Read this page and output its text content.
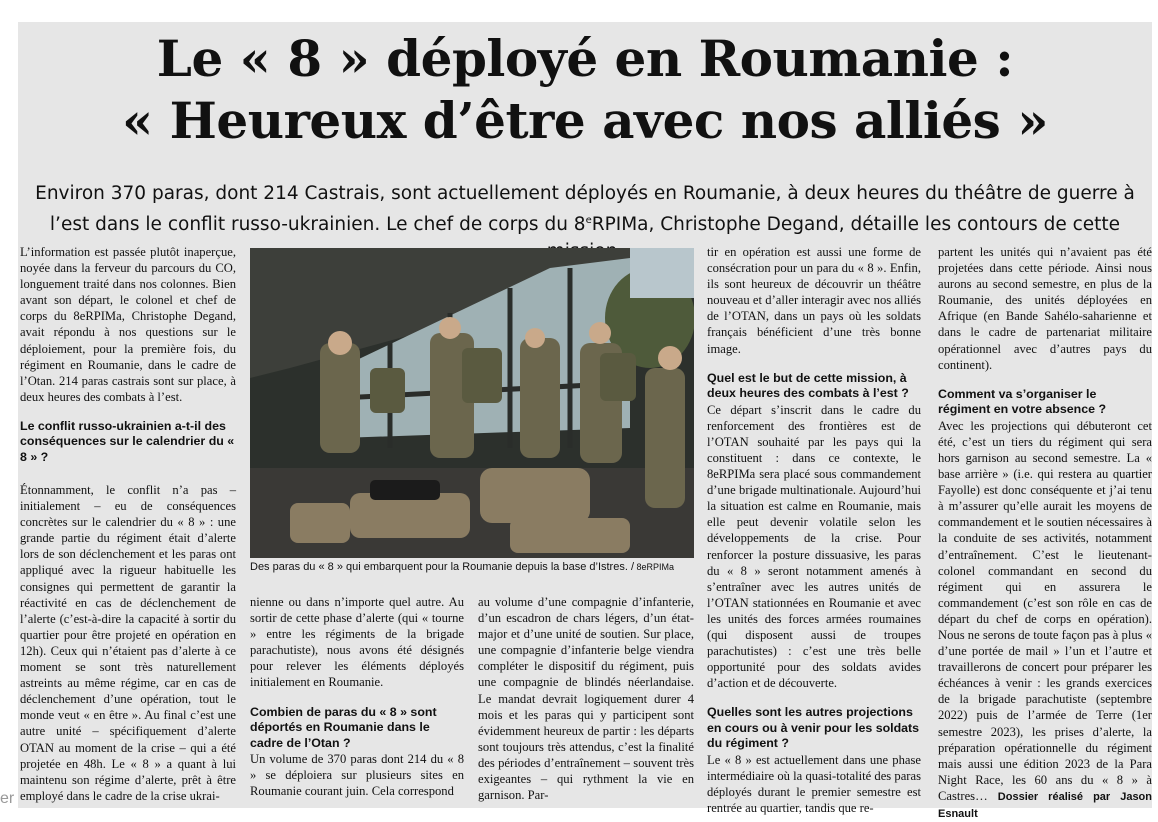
Le « 8 » déployé en Roumanie :
« Heureux d’être avec nos alliés »

Environ 370 paras, dont 214 Castrais, sont actuellement déployés en Roumanie, à deux heures du théâtre de guerre à l’est dans le conflit russo-ukrainien. Le chef de corps du 8eRPIMa, Christophe Degand, détaille les contours de cette

L’information est passée plutôt inaperçue, noyée dans la ferveur du parcours du CO, longuement traité dans nos colonnes. Bien avant son départ, le colonel et chef de corps du 8eRPIMa, Christophe Degand, avait répondu à nos questions sur le déploiement, pour la première fois, du régiment en Roumanie, dans le cadre de l’Otan. 214 paras castrais sont sur place, à deux heures des combats à l’est.

Le conflit russo-ukrainien a-t-il des conséquences sur le calendrier du « 8 » ?

Étonnamment, le conflit n’a pas – initialement – eu de conséquences concrètes sur le calendrier du « 8 » : une grande partie du régiment était d’alerte lors de son déclenchement et les paras ont appliqué avec la rigueur habituelle les consignes qui permettent de garantir la réactivité en cas de déclenchement de l’alerte (c’est-à-dire la capacité à sortir du quartier pour être projeté en opération en 12h). Ceux qui n’étaient pas d’alerte à ce moment se sont très naturellement astreints au même régime, car en cas de déclenchement d’une opération, tout le monde veut « en être ». Au final c’est une autre unité – spécifiquement d’alerte OTAN au moment de la crise – qui a été projetée en 48h. Le « 8 » a quant à lui maintenu son régime d’alerte, prêt à être employé dans le cadre de la crise ukrai-

Des paras du « 8 » qui embarquent pour la Roumanie depuis la base d’Istres. / 8eRPIMa

nienne ou dans n’importe quel autre. Au sortir de cette phase d’alerte (qui « tourne » entre les régiments de la brigade parachutiste), nous avons été désignés pour relever les éléments déployés initialement en Roumanie.

Combien de paras du « 8 » sont déportés en Roumanie dans le cadre de l’Otan ?

Un volume de 370 paras dont 214 du « 8 » se déploiera sur plusieurs sites en Roumanie courant juin. Cela correspond

au volume d’une compagnie d’infanterie, d’un escadron de chars légers, d’un état-major et d’une unité de soutien. Sur place, une compagnie d’infanterie belge viendra compléter le dispositif du régiment, puis une compagnie de blindés néerlandaise. Le mandat devrait logiquement durer 4 mois et les paras qui y participent sont évidemment heureux de partir : les départs sont toujours très attendus, c’est la finalité des périodes d’entraînement – souvent très exigeantes – qui rythment la vie en garnison. Par-

tir en opération est aussi une forme de consécration pour un para du « 8 ». Enfin, ils sont heureux de découvrir un théâtre nouveau et d’aller interagir avec nos alliés de l’OTAN, dans un pays où les soldats français bénéficient d’une très bonne image.

Quel est le but de cette mission, à deux heures des combats à l’est ?

Ce départ s’inscrit dans le cadre du renforcement des frontières est de l’OTAN souhaité par les pays qui la constituent : dans ce contexte, le 8eRPIMa sera placé sous commandement d’une brigade multinationale. Aujourd’hui la situation est calme en Roumanie, mais elle peut devenir volatile selon les développements de la crise. Pour renforcer la posture dissuasive, les paras du « 8 » seront notamment amenés à s’entraîner avec les autres unités de l’OTAN stationnées en Roumanie et avec les unités des forces armées roumaines (qui disposent aussi de troupes parachutistes) : c’est une très belle opportunité pour des soldats avides d’action et de découverte.

Quelles sont les autres projections en cours ou à venir pour les soldats du régiment ?

Le « 8 » est actuellement dans une phase intermédiaire où la quasi-totalité des paras déployés durant le premier semestre est rentrée au quartier, tandis que re-

partent les unités qui n’avaient pas été projetées dans cette période. Ainsi nous aurons au second semestre, en plus de la Roumanie, des unités déployées en Afrique (en Bande Sahélo-saharienne et dans le cadre de partenariat militaire opérationnel avec d’autres pays du continent).

Comment va s’organiser le régiment en votre absence ?

Avec les projections qui débuteront cet été, c’est un tiers du régiment qui sera hors garnison au second semestre. La « base arrière » (i.e. qui restera au quartier Fayolle) est donc conséquente et j’ai tenu à m’assurer qu’elle aurait les moyens de commandement et le soutien nécessaires à la conduite de ses activités, notamment d’entraînement. C’est le lieutenant-colonel commandant en second du régiment qui en assurera le commandement (c’est son rôle en cas de départ du chef de corps en opération). Nous ne serons de toute façon pas à plus « d’une portée de mail » l’un et l’autre et travaillerons de concert pour préparer les échéances à venir : les grands exercices de la brigade parachutiste (septembre 2022) puis de l’armée de Terre (1er semestre 2023), les prises d’alerte, la préparation opérationnelle du régiment mais aussi une édition 2023 de la Para Night Race, les 60 ans du « 8 » à Castres… Dossier réalisé par Jason Esnault

er
